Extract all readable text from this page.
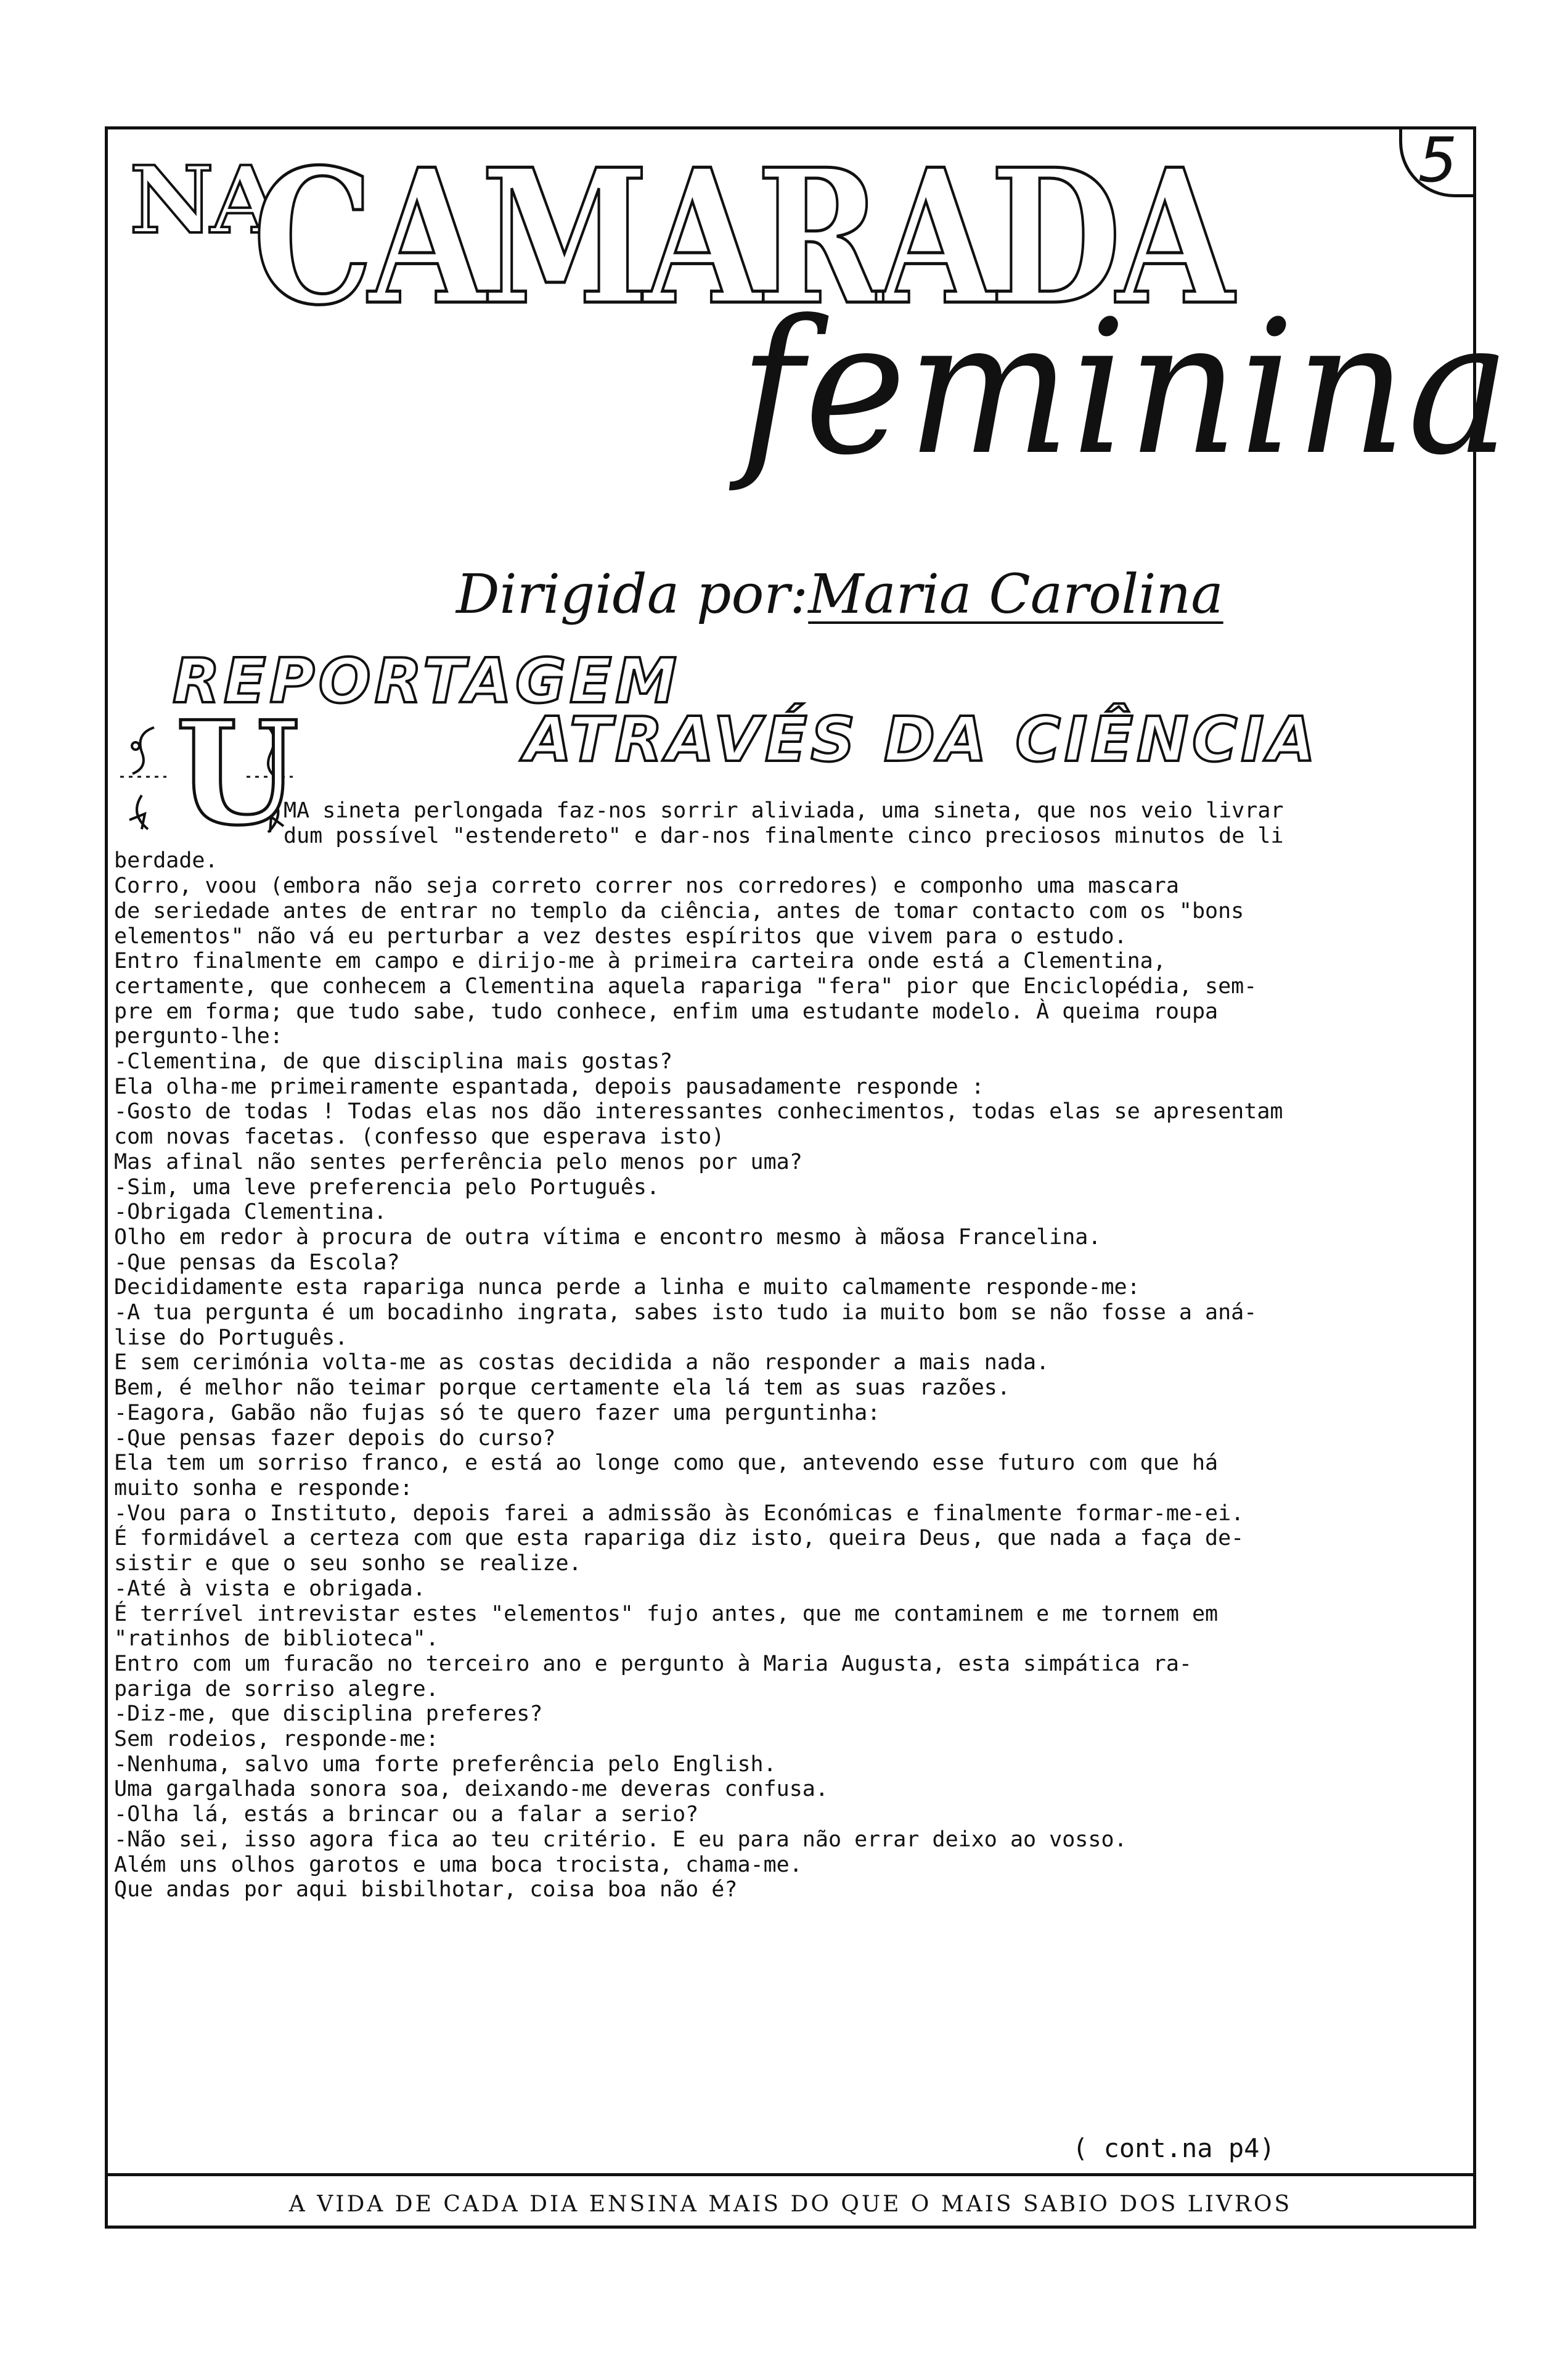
5
NA
CAMARADA
feminina
Dirigida por:Maria Carolina
REPORTAGEM
ATRAVÉS DA CIÊNCIA
U

MA sineta perlongada faz-nos sorrir aliviada, uma sineta, que nos veio livrar

dum possível "estendereto" e dar-nos finalmente cinco preciosos minutos de li

berdade.

Corro, voou (embora não seja correto correr nos corredores) e componho uma mascara

de seriedade antes de entrar no templo da ciência, antes de tomar contacto com os "bons

elementos" não vá eu perturbar a vez destes espíritos que vivem para o estudo.

Entro finalmente em campo e dirijo-me à primeira carteira onde está a Clementina,

certamente, que conhecem a Clementina aquela rapariga "fera" pior que Enciclopédia, sem-

pre em forma; que tudo sabe, tudo conhece, enfim uma estudante modelo. À queima roupa

pergunto-lhe:

-Clementina, de que disciplina mais gostas?

Ela olha-me primeiramente espantada, depois pausadamente responde :

-Gosto de todas ! Todas elas nos dão interessantes conhecimentos, todas elas se apresentam

com novas facetas. (confesso que esperava isto)

Mas afinal não sentes perferência pelo menos por uma?

-Sim, uma leve preferencia pelo Português.

-Obrigada Clementina.

Olho em redor à procura de outra vítima e encontro mesmo à mãosa Francelina.

-Que pensas da Escola?

Decididamente esta rapariga nunca perde a linha e muito calmamente responde-me:

-A tua pergunta é um bocadinho ingrata, sabes isto tudo ia muito bom se não fosse a aná-

lise do Português.

E sem cerimónia volta-me as costas decidida a não responder a mais nada.

Bem, é melhor não teimar porque certamente ela lá tem as suas razões.

-Eagora, Gabão não fujas só te quero fazer uma perguntinha:

-Que pensas fazer depois do curso?

Ela tem um sorriso franco, e está ao longe como que, antevendo esse futuro com que há

muito sonha e responde:

-Vou para o Instituto, depois farei a admissão às Económicas e finalmente formar-me-ei.

É formidável a certeza com que esta rapariga diz isto, queira Deus, que nada a faça de-

sistir e que o seu sonho se realize.

-Até à vista e obrigada.

É terrível intrevistar estes "elementos" fujo antes, que me contaminem e me tornem em

"ratinhos de biblioteca".

Entro com um furacão no terceiro ano e pergunto à Maria Augusta, esta simpática ra-

pariga de sorriso alegre.

-Diz-me, que disciplina preferes?

Sem rodeios, responde-me:

-Nenhuma, salvo uma forte preferência pelo English.

Uma gargalhada sonora soa, deixando-me deveras confusa.

-Olha lá, estás a brincar ou a falar a serio?

-Não sei, isso agora fica ao teu critério. E eu para não errar deixo ao vosso.

Além uns olhos garotos e uma boca trocista, chama-me.

Que andas por aqui bisbilhotar, coisa boa não é?

( cont.na p4)
A VIDA DE CADA DIA ENSINA MAIS DO QUE O MAIS SABIO DOS LIVROS
